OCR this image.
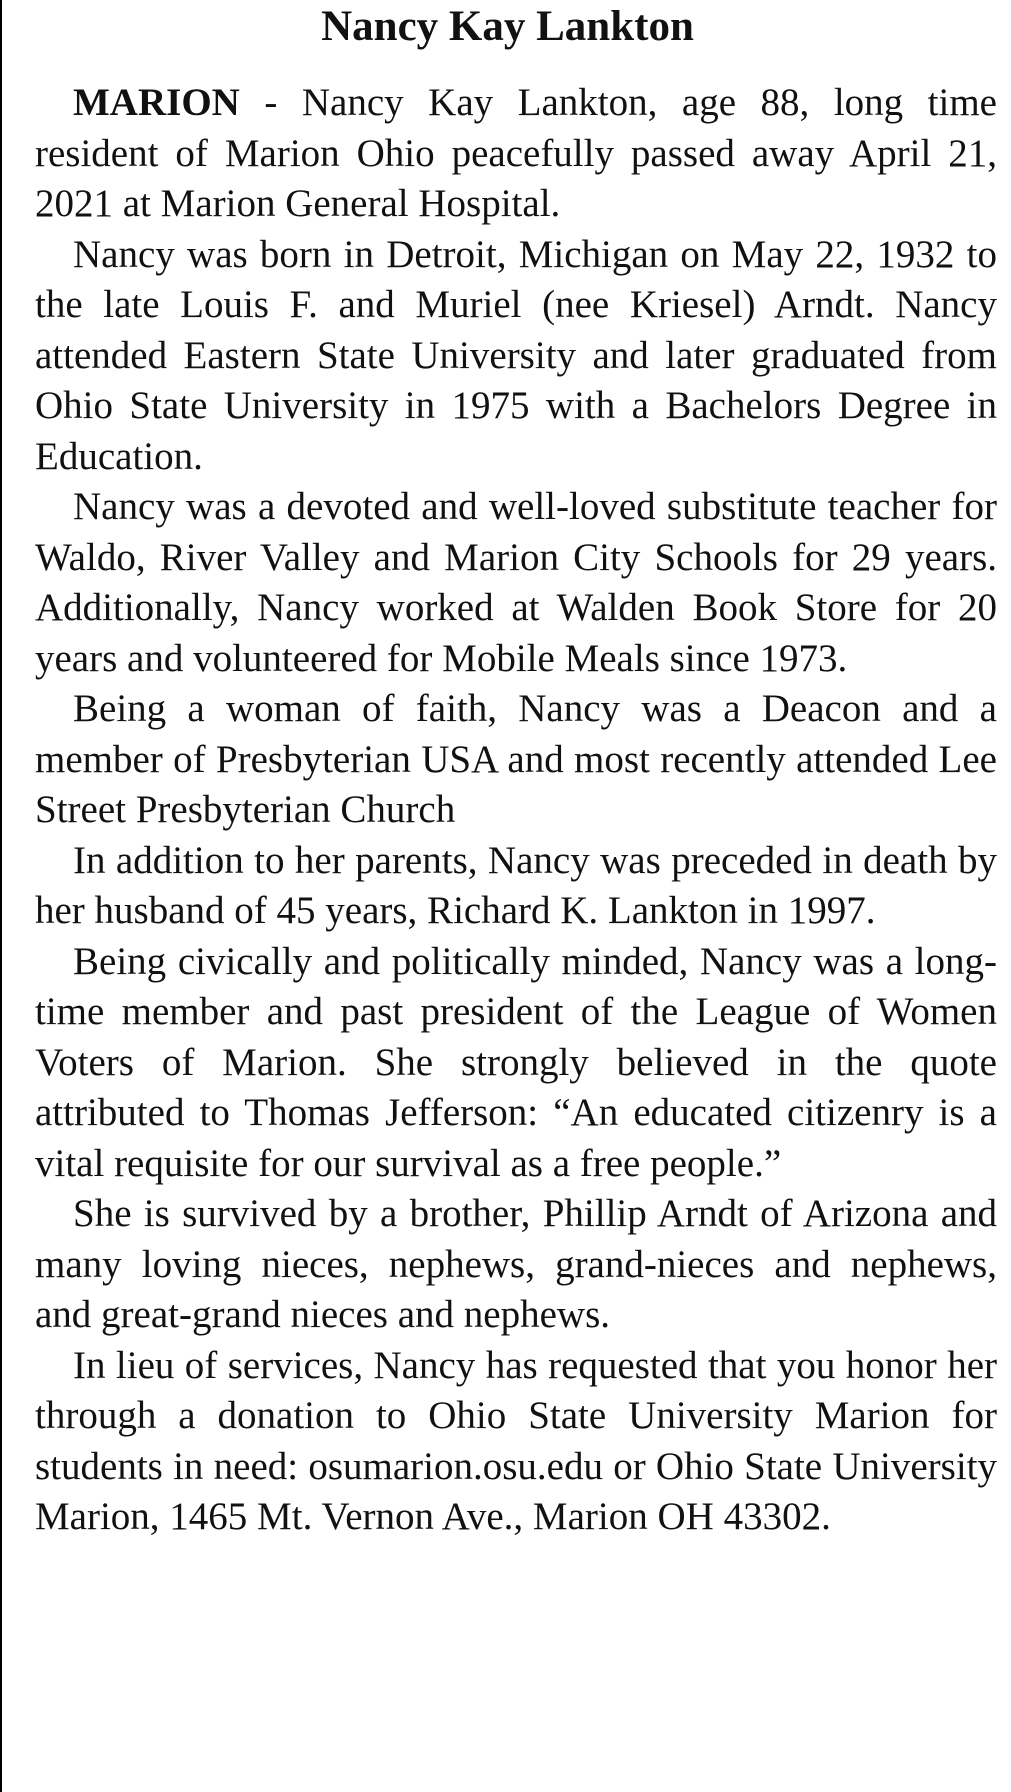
Nancy Kay Lankton

MARION - Nancy Kay Lankton, age 88, long time resident of Marion Ohio peacefully passed away April 21, 2021 at Marion General Hospital.

Nancy was born in Detroit, Michigan on May 22, 1932 to the late Louis F. and Muriel (nee Kriesel) Arndt. Nancy attended Eastern State University and later graduated from Ohio State University in 1975 with a Bachelors Degree in Education.

Nancy was a devoted and well-loved substitute teacher for Waldo, River Valley and Marion City Schools for 29 years. Additionally, Nancy worked at Walden Book Store for 20 years and volunteered for Mobile Meals since 1973.

Being a woman of faith, Nancy was a Deacon and a member of Presbyterian USA and most recently attended Lee Street Presbyterian Church

In addition to her parents, Nancy was preceded in death by her husband of 45 years, Richard K. Lankton in 1997.

Being civically and politically minded, Nancy was a long-time member and past president of the League of Women Voters of Marion. She strongly believed in the quote attributed to Thomas Jefferson: “An educated citizenry is a vital requisite for our survival as a free people.”

She is survived by a brother, Phillip Arndt of Arizona and many loving nieces, nephews, grand-nieces and nephews, and great-grand nieces and nephews.

In lieu of services, Nancy has requested that you honor her through a donation to Ohio State University Marion for students in need: osumarion.osu.edu or Ohio State University Marion, 1465 Mt. Vernon Ave., Marion OH 43302.
